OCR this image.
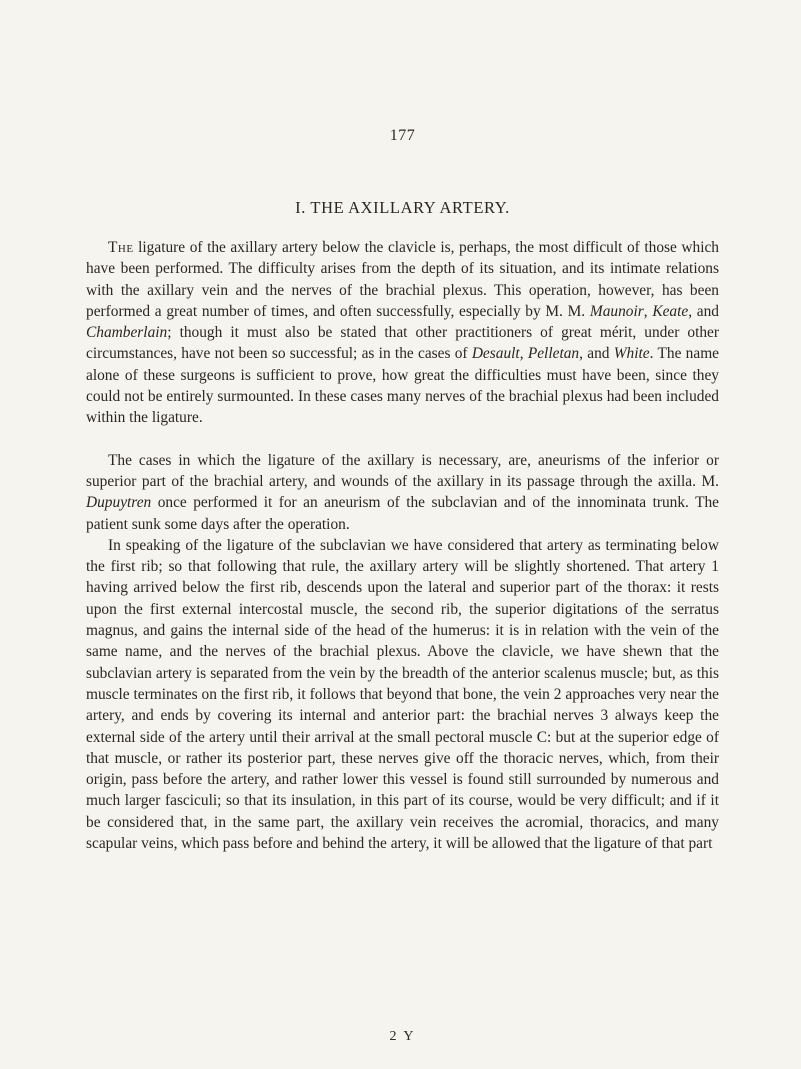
177
I. THE AXILLARY ARTERY.

The ligature of the axillary artery below the clavicle is, perhaps, the most difficult of those which have been performed. The difficulty arises from the depth of its situation, and its intimate relations with the axillary vein and the nerves of the brachial plexus. This operation, however, has been performed a great number of times, and often successfully, especially by M. M. Maunoir, Keate, and Chamberlain; though it must also be stated that other practitioners of great mérit, under other circumstances, have not been so successful; as in the cases of Desault, Pelletan, and White. The name alone of these surgeons is sufficient to prove, how great the difficulties must have been, since they could not be entirely surmounted. In these cases many nerves of the brachial plexus had been included within the ligature.

The cases in which the ligature of the axillary is necessary, are, aneurisms of the inferior or superior part of the brachial artery, and wounds of the axillary in its passage through the axilla. M. Dupuytren once performed it for an aneurism of the subclavian and of the innominata trunk. The patient sunk some days after the operation.

In speaking of the ligature of the subclavian we have considered that artery as terminating below the first rib; so that following that rule, the axillary artery will be slightly shortened. That artery 1 having arrived below the first rib, descends upon the lateral and superior part of the thorax: it rests upon the first external intercostal muscle, the second rib, the superior digitations of the serratus magnus, and gains the internal side of the head of the humerus: it is in relation with the vein of the same name, and the nerves of the brachial plexus. Above the clavicle, we have shewn that the subclavian artery is separated from the vein by the breadth of the anterior scalenus muscle; but, as this muscle terminates on the first rib, it follows that beyond that bone, the vein 2 approaches very near the artery, and ends by covering its internal and anterior part: the brachial nerves 3 always keep the external side of the artery until their arrival at the small pectoral muscle C: but at the superior edge of that muscle, or rather its posterior part, these nerves give off the thoracic nerves, which, from their origin, pass before the artery, and rather lower this vessel is found still surrounded by numerous and much larger fasciculi; so that its insulation, in this part of its course, would be very difficult; and if it be considered that, in the same part, the axillary vein receives the acromial, thoracics, and many scapular veins, which pass before and behind the artery, it will be allowed that the ligature of that part

2 Y
